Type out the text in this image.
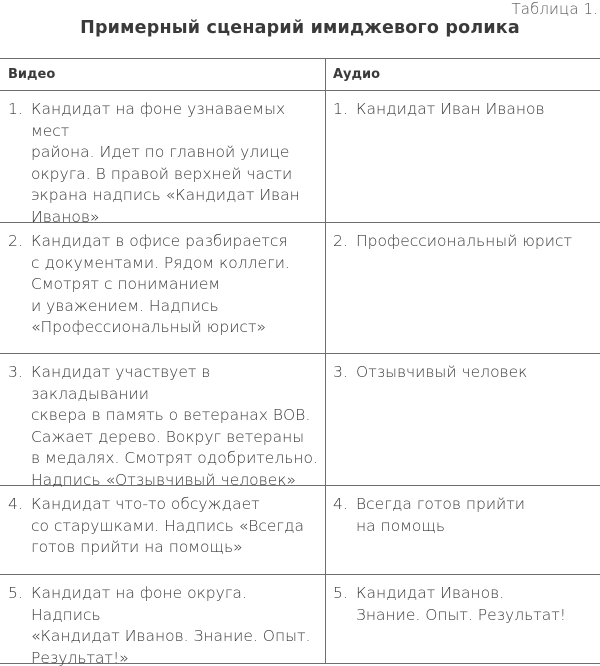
Таблица 1.
Примерный сценарий имиджевого ролика
Видео	Аудио
1. Кандидат на фоне узнаваемых мест
района. Идет по главной улице
округа. В правой верхней части
экрана надпись «Кандидат Иван
Иванов»
1. Кандидат Иван Иванов
2. Кандидат в офисе разбирается
с документами. Рядом коллеги.
Смотрят с пониманием
и уважением. Надпись
«Профессиональный юрист»
2. Профессиональный юрист
3. Кандидат участвует в закладывании
сквера в память о ветеранах ВОВ.
Сажает дерево. Вокруг ветераны
в медалях. Смотрят одобрительно.
Надпись «Отзывчивый человек»
3. Отзывчивый человек
4. Кандидат что-то обсуждает
со старушками. Надпись «Всегда
готов прийти на помощь»
4. Всегда готов прийти
на помощь
5. Кандидат на фоне округа. Надпись
«Кандидат Иванов. Знание. Опыт.
Результат!»
5. Кандидат Иванов.
Знание. Опыт. Результат!
